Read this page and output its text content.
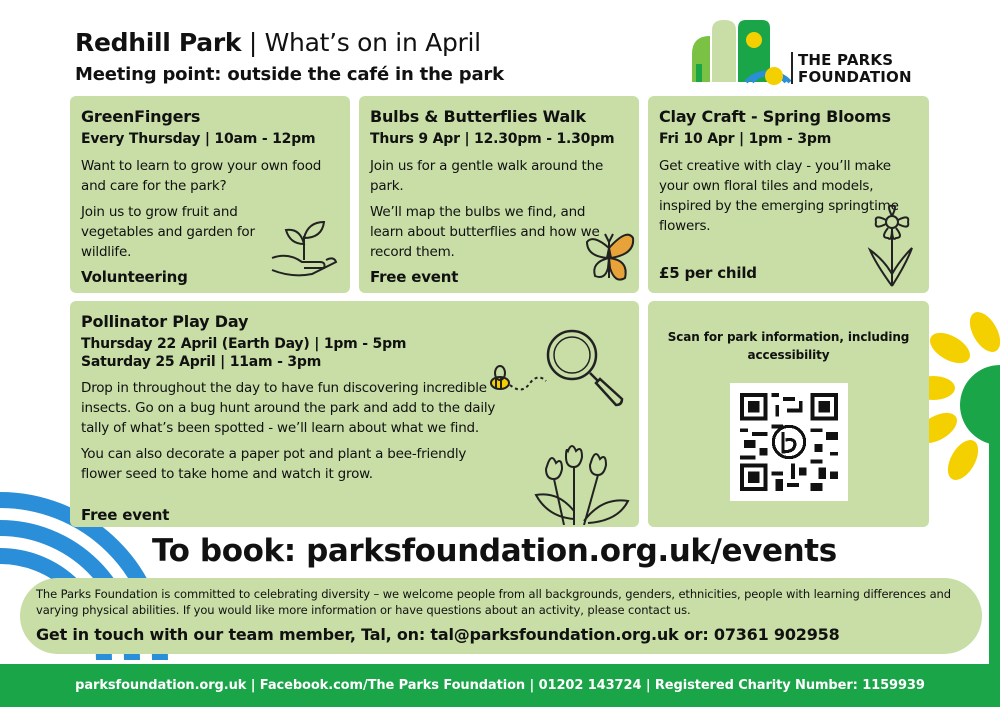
Redhill Park | What’s on in April
Meeting point: outside the café in the park
THE PARKS
FOUNDATION
GreenFingers
Every Thursday | 10am - 12pm

Want to learn to grow your own food and care for the park?

Join us to grow fruit and vegetables and garden for wildlife.

Volunteering
Bulbs & Butterflies Walk
Thurs 9 Apr | 12.30pm - 1.30pm

Join us for a gentle walk around the park.

We’ll map the bulbs we find, and learn about butterflies and how we record them.

Free event
Clay Craft - Spring Blooms
Fri 10 Apr | 1pm - 3pm

Get creative with clay - you’ll make your own floral tiles and models, inspired by the emerging springtime flowers.

£5 per child
Pollinator Play Day
Thursday 22 April (Earth Day) | 1pm - 5pm
Saturday 25 April | 11am - 3pm

Drop in throughout the day to have fun discovering incredible insects. Go on a bug hunt around the park and add to the daily tally of what’s been spotted - we’ll learn about what we find.

You can also decorate a paper pot and plant a bee-friendly flower seed to take home and watch it grow.

Free event
Scan for park information, including accessibility
To book: parksfoundation.org.uk/events
The Parks Foundation is committed to celebrating diversity – we welcome people from all backgrounds, genders, ethnicities, people with learning differences and varying physical abilities. If you would like more information or have questions about an activity, please contact us.
Get in touch with our team member, Tal, on: tal@parksfoundation.org.uk or: 07361 902958
parksfoundation.org.uk | Facebook.com/The Parks Foundation | 01202 143724 | Registered Charity Number: 1159939
